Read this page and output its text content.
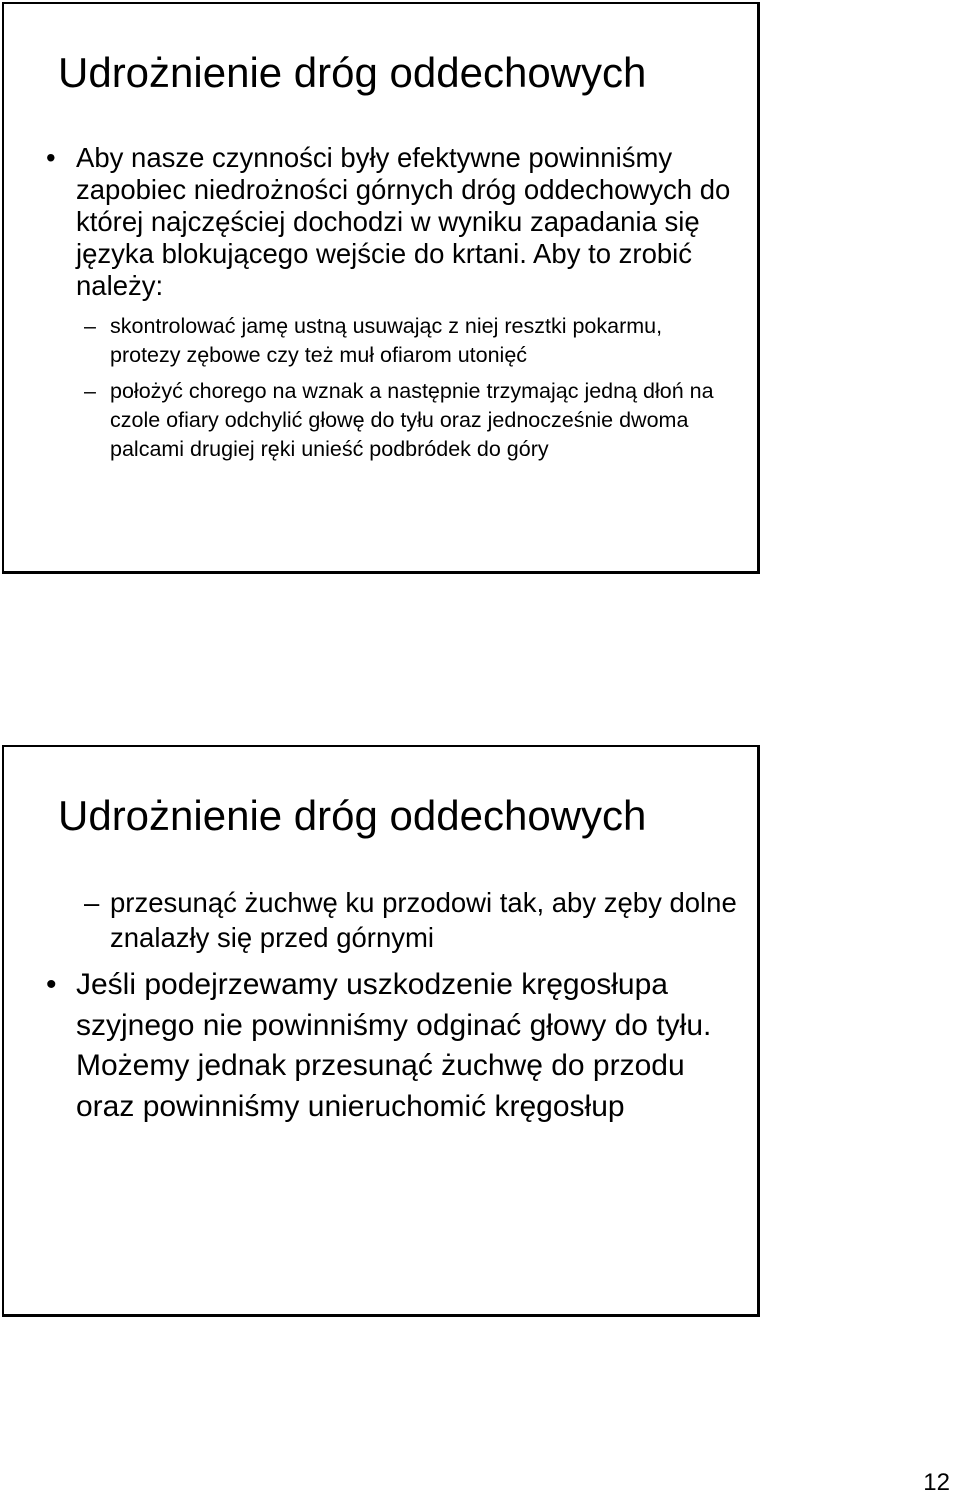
Udrożnienie dróg oddechowych
• Aby nasze czynności były efektywne powinniśmy zapobiec niedrożności górnych dróg oddechowych do której najczęściej dochodzi w wyniku zapadania się języka blokującego wejście do krtani. Aby to zrobić należy:
– skontrolować jamę ustną usuwając z niej resztki pokarmu, protezy zębowe czy też muł ofiarom utonięć
– położyć chorego na wznak a następnie trzymając jedną dłoń na czole ofiary odchylić głowę do tyłu oraz jednocześnie dwoma palcami drugiej ręki unieść podbródek do góry
Udrożnienie dróg oddechowych
– przesunąć żuchwę ku przodowi tak, aby zęby dolne znalazły się przed górnymi
• Jeśli podejrzewamy uszkodzenie kręgosłupa szyjnego nie powinniśmy odginać głowy do tyłu. Możemy jednak przesunąć żuchwę do przodu oraz powinniśmy unieruchomić kręgosłup
12
